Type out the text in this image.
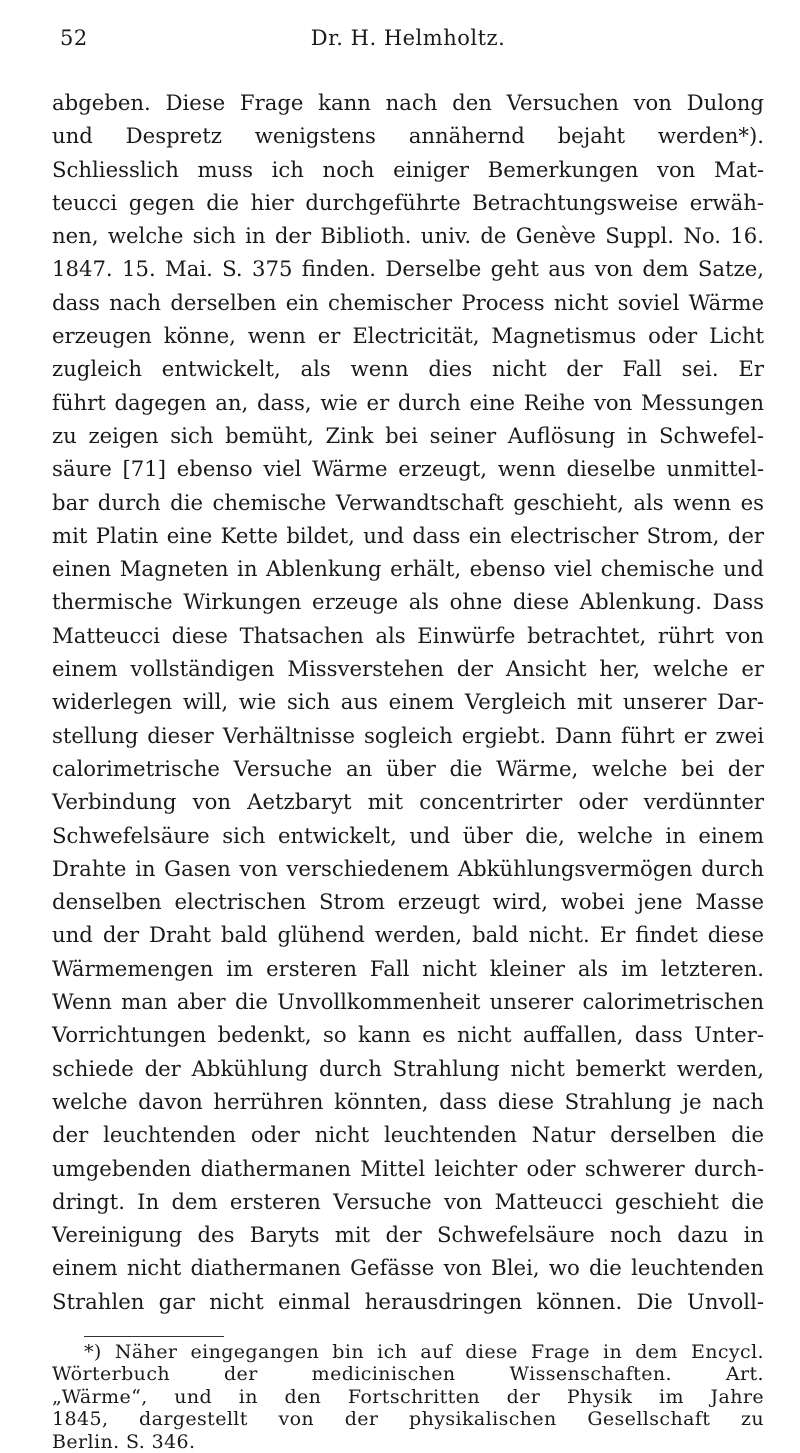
52	Dr. H. Helmholtz.
abgeben. Diese Frage kann nach den Versuchen von Dulong
und Despretz wenigstens annähernd bejaht werden*).
Schliesslich muss ich noch einiger Bemerkungen von Mat-
teucci gegen die hier durchgeführte Betrachtungsweise erwäh-
nen, welche sich in der Biblioth. univ. de Genève Suppl. No. 16.
1847. 15. Mai. S. 375 finden. Derselbe geht aus von dem Satze,
dass nach derselben ein chemischer Process nicht soviel Wärme
erzeugen könne, wenn er Electricität, Magnetismus oder Licht
zugleich entwickelt, als wenn dies nicht der Fall sei. Er
führt dagegen an, dass, wie er durch eine Reihe von Messungen
zu zeigen sich bemüht, Zink bei seiner Auflösung in Schwefel-
säure [71] ebenso viel Wärme erzeugt, wenn dieselbe unmittel-
bar durch die chemische Verwandtschaft geschieht, als wenn es
mit Platin eine Kette bildet, und dass ein electrischer Strom, der
einen Magneten in Ablenkung erhält, ebenso viel chemische und
thermische Wirkungen erzeuge als ohne diese Ablenkung. Dass
Matteucci diese Thatsachen als Einwürfe betrachtet, rührt von
einem vollständigen Missverstehen der Ansicht her, welche er
widerlegen will, wie sich aus einem Vergleich mit unserer Dar-
stellung dieser Verhältnisse sogleich ergiebt. Dann führt er zwei
calorimetrische Versuche an über die Wärme, welche bei der
Verbindung von Aetzbaryt mit concentrirter oder verdünnter
Schwefelsäure sich entwickelt, und über die, welche in einem
Drahte in Gasen von verschiedenem Abkühlungsvermögen durch
denselben electrischen Strom erzeugt wird, wobei jene Masse
und der Draht bald glühend werden, bald nicht. Er findet diese
Wärmemengen im ersteren Fall nicht kleiner als im letzteren.
Wenn man aber die Unvollkommenheit unserer calorimetrischen
Vorrichtungen bedenkt, so kann es nicht auffallen, dass Unter-
schiede der Abkühlung durch Strahlung nicht bemerkt werden,
welche davon herrühren könnten, dass diese Strahlung je nach
der leuchtenden oder nicht leuchtenden Natur derselben die
umgebenden diathermanen Mittel leichter oder schwerer durch-
dringt. In dem ersteren Versuche von Matteucci geschieht die
Vereinigung des Baryts mit der Schwefelsäure noch dazu in
einem nicht diathermanen Gefässe von Blei, wo die leuchtenden
Strahlen gar nicht einmal herausdringen können. Die Unvoll-
*) Näher eingegangen bin ich auf diese Frage in dem Encycl.
Wörterbuch der medicinischen Wissenschaften. Art.
„Wärme“, und in den Fortschritten der Physik im Jahre
1845, dargestellt von der physikalischen Gesellschaft zu
Berlin. S. 346.
